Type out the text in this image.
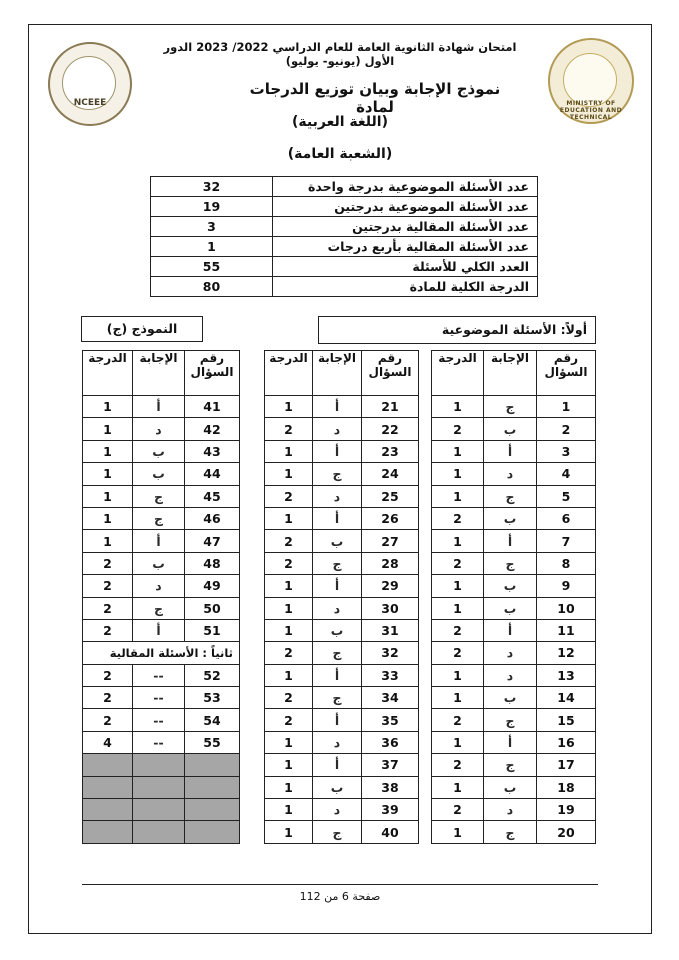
امتحان شهادة الثانوية العامة للعام الدراسي 2022/ 2023 الدور الأول (يونيو- يوليو)
NCEEE	MINISTRY OF EDUCATION AND TECHNICAL
نموذج الإجابة وبيان توزيع الدرجات لمادة
(اللغة العربية)
(الشعبة العامة)
عدد الأسئلة الموضوعية بدرجة واحدة	32
عدد الأسئلة الموضوعية بدرجتين	19
عدد الأسئلة المقالية بدرجتين	3
عدد الأسئلة المقالية بأربع درجات	1
العدد الكلي للأسئلة	55
الدرجة الكلية للمادة	80
النموذج (ج)	أولاً: الأسئلة الموضوعية
رقم السؤال	الإجابة	الدرجة
1	ج	1
2	ب	2
3	أ	1
4	د	1
5	ج	1
6	ب	2
7	أ	1
8	ج	2
9	ب	1
10	ب	1
11	أ	2
12	د	2
13	د	1
14	ب	1
15	ج	2
16	أ	1
17	ج	2
18	ب	1
19	د	2
20	ج	1
رقم السؤال	الإجابة	الدرجة
21	أ	1
22	د	2
23	أ	1
24	ج	1
25	د	2
26	أ	1
27	ب	2
28	ج	2
29	أ	1
30	د	1
31	ب	1
32	ج	2
33	أ	1
34	ج	2
35	أ	2
36	د	1
37	أ	1
38	ب	1
39	د	1
40	ج	1
رقم السؤال	الإجابة	الدرجة
41	أ	1
42	د	1
43	ب	1
44	ب	1
45	ج	1
46	ج	1
47	أ	1
48	ب	2
49	د	2
50	ج	2
51	أ	2
ثانياً : الأسئلة المقالية		
52	--	2
53	--	2
54	--	2
55	--	4

صفحة 6 من 112
